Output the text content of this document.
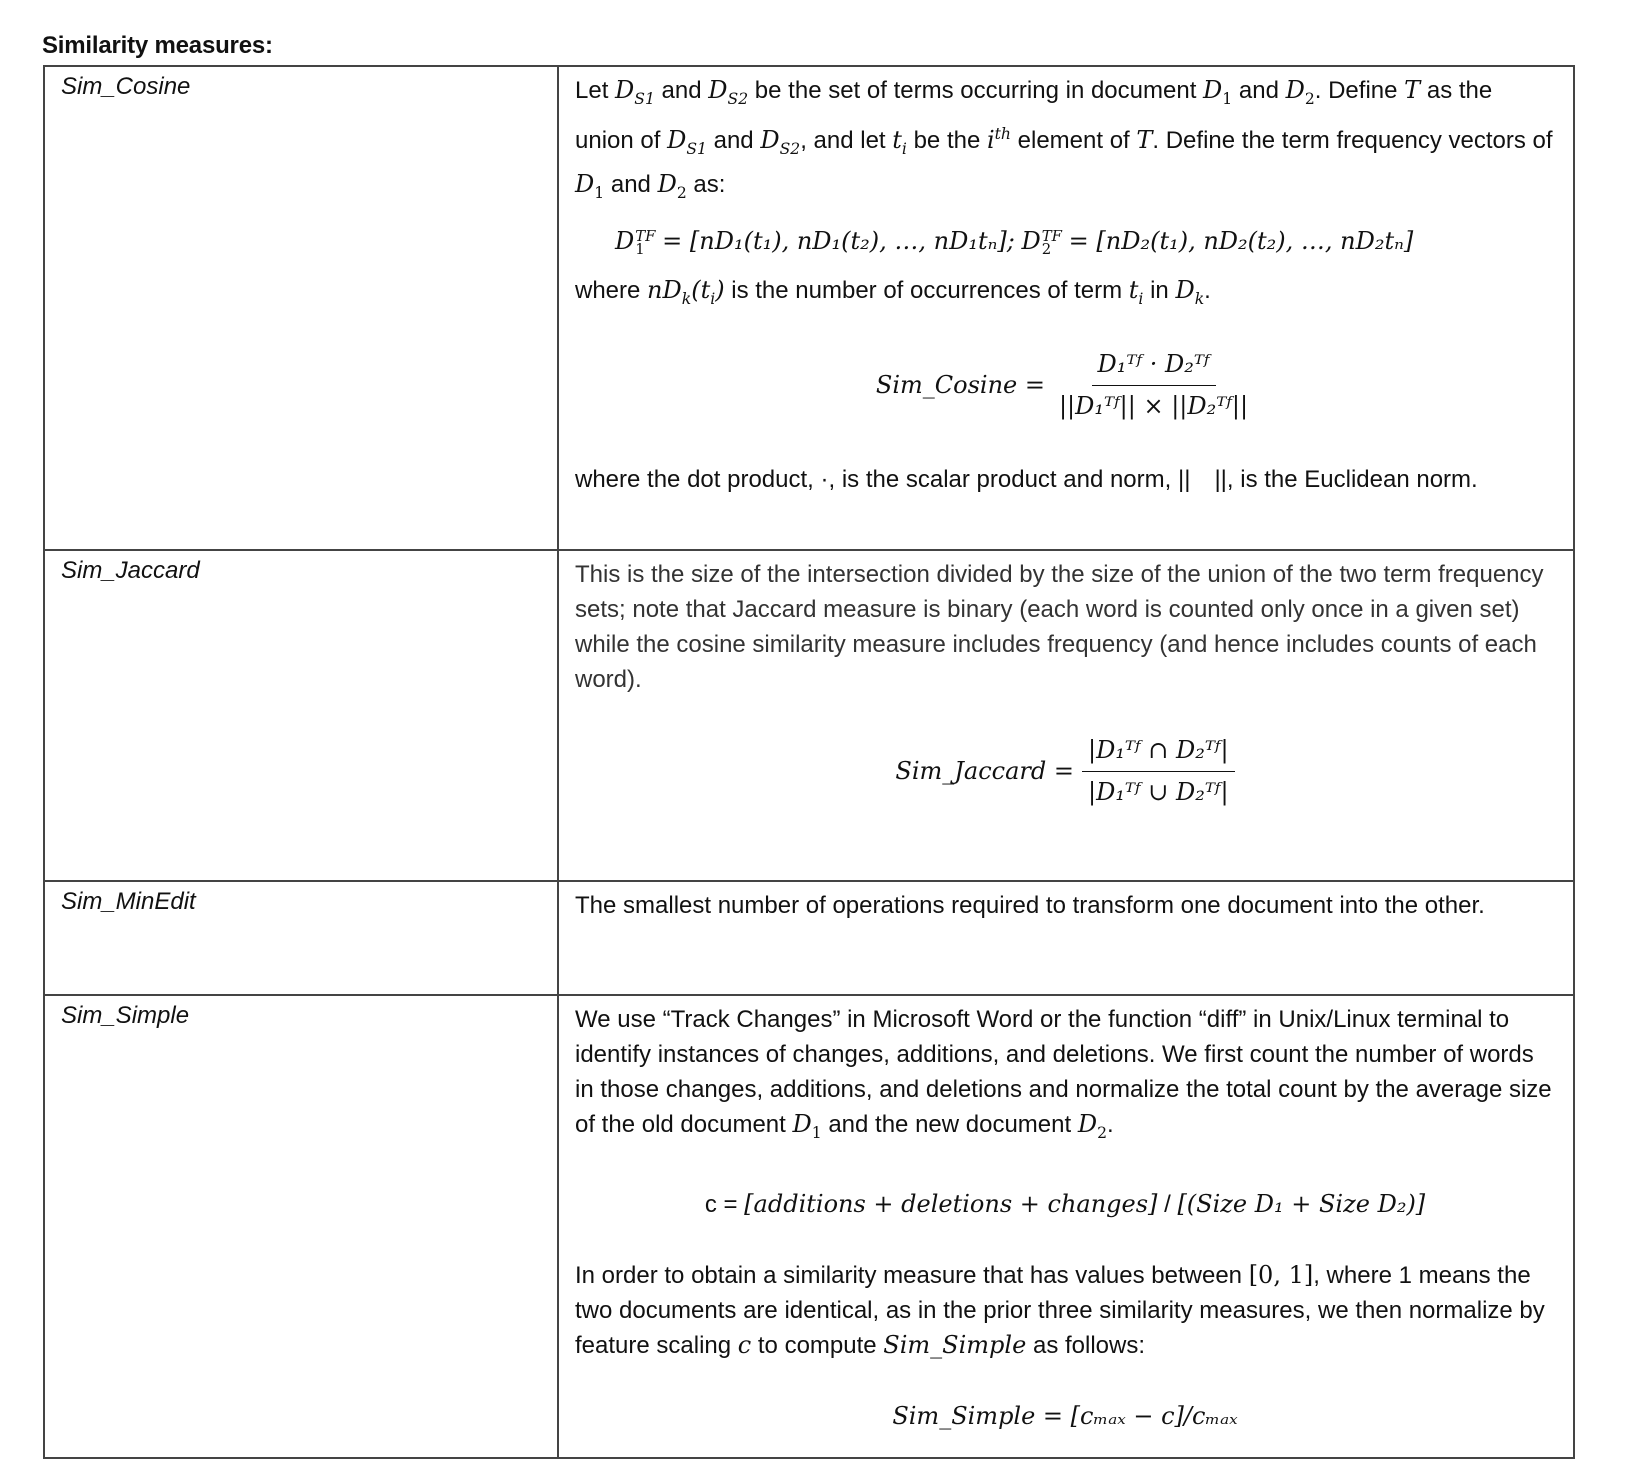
Similarity measures:
Sim_Cosine	Let $D_{S1}$ and $D_{S2}$ be the set of terms occurring in document $D_1$ and $D_2$. Define T as the union of $D_{S1}$ and $D_{S2}$, and let $t_i$ be the $i^{th}$ element of T. Define the term frequency vectors of $D_1$ and $D_2$ as:

D TF
1 = [nD₁(t₁), nD₁(t₂), …, nD₁tₙ]; D TF
2 = [nD₂(t₁), nD₂(t₂), …, nD₂tₙ]

where $nD_k(t_i)$ is the number of occurrences of term $t_i$ in $D_k$.

Sim_Cosine = $\frac{\text{D₁ᵀᶠ · D₂ᵀᶠ}}{\text{||D₁ᵀᶠ|| × ||D₂ᵀᶠ||}}$

where the dot product, ·, is the scalar product and norm, || ||, is the Euclidean norm.

Sim_Jaccard	This is the size of the intersection divided by the size of the union of the two term frequency sets; note that Jaccard measure is binary (each word is counted only once in a given set) while the cosine similarity measure includes frequency (and hence includes counts of each word).

Sim_Jaccard = $\frac{\text{|D₁ᵀᶠ ∩ D₂ᵀᶠ|}}{\text{|D₁ᵀᶠ ∪ D₂ᵀᶠ|}}$

Sim_MinEdit	The smallest number of operations required to transform one document into the other.

Sim_Simple	We use “Track Changes” in Microsoft Word or the function “diff” in Unix/Linux terminal to identify instances of changes, additions, and deletions. We first count the number of words in those changes, additions, and deletions and normalize the total count by the average size of the old document $D_1$ and the new document $D_2$.

c = [additions + deletions + changes] / [(Size D₁ + Size D₂)]

In order to obtain a similarity measure that has values between [0, 1], where 1 means the two documents are identical, as in the prior three similarity measures, we then normalize by feature scaling c to compute Sim_Simple as follows:

Sim_Simple = [cₘₐₓ − c]/cₘₐₓ
